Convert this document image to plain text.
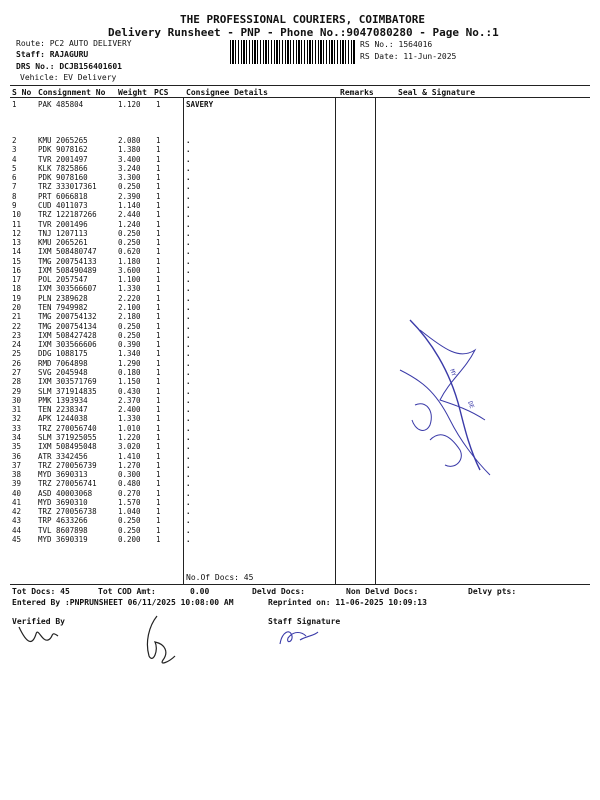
THE PROFESSIONAL COURIERS, COIMBATORE
Delivery Runsheet - PNP - Phone No.:9047080280 - Page No.:1
Route: PC2 AUTO DELIVERY
Staff: RAJAGURU
DRS No.: DCJB156401601
Vehicle: EV Delivery
RS No.: 1564016
RS Date: 11-Jun-2025
S No Consignment No Weight PCS Consignee Details	Remarks	Seal & Signature
1	PAK 485804	1.120 1	SAVERY
2	KMU 2065265	2.080 1	.
3	PDK 9078162	1.380 1	.
4	TVR 2001497	3.400 1	.
5	KLK 7825866	3.240 1	.
6	PDK 9078160	3.300 1	.
7	TRZ 333017361	0.250 1	.
8	PRT 6066818	2.390 1	.
9	CUD 4011073	1.140 1	.
10 TRZ 122187266	2.440 1	.
11 TVR 2001496	1.240 1	.
12 TNJ 1207113	0.250 1	.
13 KMU 2065261	0.250 1	.
14 IXM 508480747	0.620 1	.
15 TMG 200754133	1.180 1	.
16 IXM 508490489	3.600 1	.
17 POL 2057547	1.100 1	.
18 IXM 303566607	1.330 1	.
19 PLN 2389628	2.220 1	.
20 TEN 7949982	2.100 1	.
21 TMG 200754132	2.180 1	.
22 TMG 200754134	0.250 1	.
23 IXM 508427428	0.250 1	.
24 IXM 303566606	0.390 1	.
25 DDG 1088175	1.340 1	.
26 RMD 7064898	1.290 1	.
27 SVG 2045948	0.180 1	.
28 IXM 303571769	1.150 1	.
29 SLM 371914835	0.430 1	.
30 PMK 1393934	2.370 1	.
31 TEN 2238347	2.400 1	.
32 APK 1244038	1.330 1	.
33 TRZ 270056740	1.010 1	.
34 SLM 371925055	1.220 1	.
35 IXM 508495048	3.020 1	.
36 ATR 3342456	1.410 1	.
37 TRZ 270056739	1.270 1	.
38 MYD 3690313	0.300 1	.
39 TRZ 270056741	0.480 1	.
40 ASD 40003068	0.270 1	.
41 MYD 3690310	1.570 1	.
42 TRZ 270056738	1.040 1	.
43 TRP 4633266	0.250 1	.
44 TVL 8607898	0.250 1	.
45 MYD 3690319	0.200 1	.
No.Of Docs: 45
MY
DE
Tot Docs: 45	Tot COD Amt:	0.00	Delvd Docs:	Non Delvd Docs:	Delvy pts:
Entered By :PNPRUNSHEET 06/11/2025 10:08:00 AM	Reprinted on: 11-06-2025 10:09:13
Verified By	Staff Signature
